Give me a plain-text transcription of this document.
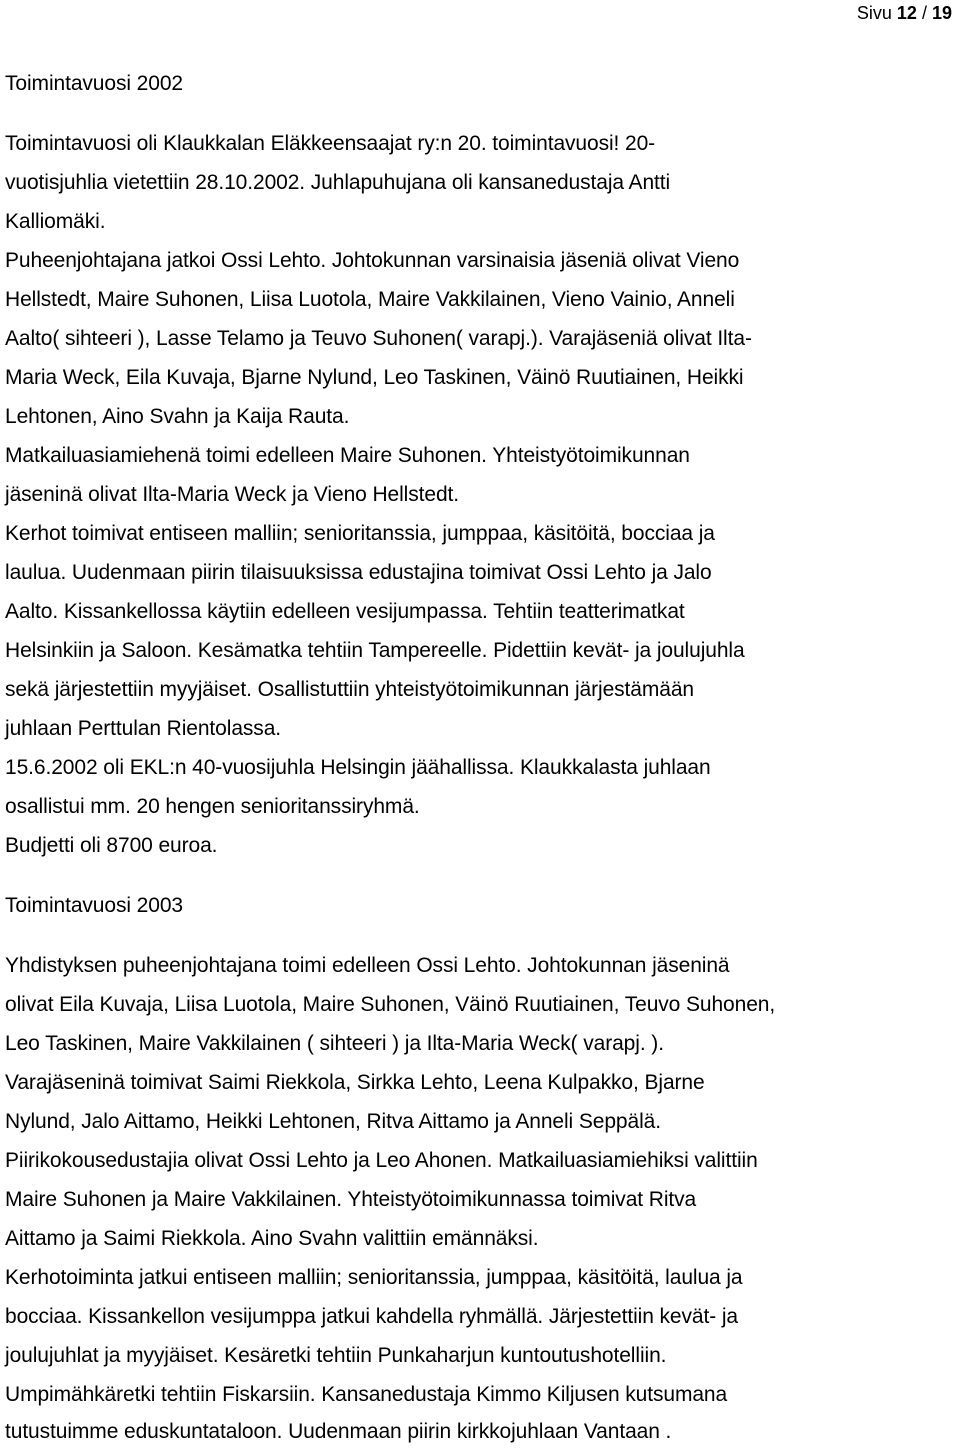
Sivu 12 / 19
Toimintavuosi 2002
Toimintavuosi oli Klaukkalan Eläkkeensaajat ry:n 20. toimintavuosi! 20-
vuotisjuhlia vietettiin 28.10.2002. Juhlapuhujana oli kansanedustaja Antti
Kalliomäki.
Puheenjohtajana jatkoi Ossi Lehto. Johtokunnan varsinaisia jäseniä olivat Vieno
Hellstedt, Maire Suhonen, Liisa Luotola, Maire Vakkilainen, Vieno Vainio, Anneli
Aalto( sihteeri ), Lasse Telamo ja Teuvo Suhonen( varapj.). Varajäseniä olivat Ilta-
Maria Weck, Eila Kuvaja, Bjarne Nylund, Leo Taskinen, Väinö Ruutiainen, Heikki
Lehtonen, Aino Svahn ja Kaija Rauta.
Matkailuasiamiehenä toimi edelleen Maire Suhonen. Yhteistyötoimikunnan
jäseninä olivat Ilta-Maria Weck ja Vieno Hellstedt.
Kerhot toimivat entiseen malliin; senioritanssia, jumppaa, käsitöitä, bocciaa ja
laulua. Uudenmaan piirin tilaisuuksissa edustajina toimivat Ossi Lehto ja Jalo
Aalto. Kissankellossa käytiin edelleen vesijumpassa. Tehtiin teatterimatkat
Helsinkiin ja Saloon. Kesämatka tehtiin Tampereelle. Pidettiin kevät- ja joulujuhla
sekä järjestettiin myyjäiset. Osallistuttiin yhteistyötoimikunnan järjestämään
juhlaan Perttulan Rientolassa.
15.6.2002 oli EKL:n 40-vuosijuhla Helsingin jäähallissa. Klaukkalasta juhlaan
osallistui mm. 20 hengen senioritanssiryhmä.
Budjetti oli 8700 euroa.
Toimintavuosi 2003
Yhdistyksen puheenjohtajana toimi edelleen Ossi Lehto. Johtokunnan jäseninä
olivat Eila Kuvaja, Liisa Luotola, Maire Suhonen, Väinö Ruutiainen, Teuvo Suhonen,
Leo Taskinen, Maire Vakkilainen ( sihteeri ) ja Ilta-Maria Weck( varapj. ).
Varajäseninä toimivat Saimi Riekkola, Sirkka Lehto, Leena Kulpakko, Bjarne
Nylund, Jalo Aittamo, Heikki Lehtonen, Ritva Aittamo ja Anneli Seppälä.
Piirikokousedustajia olivat Ossi Lehto ja Leo Ahonen. Matkailuasiamiehiksi valittiin
Maire Suhonen ja Maire Vakkilainen. Yhteistyötoimikunnassa toimivat Ritva
Aittamo ja Saimi Riekkola. Aino Svahn valittiin emännäksi.
Kerhotoiminta jatkui entiseen malliin; senioritanssia, jumppaa, käsitöitä, laulua ja
bocciaa. Kissankellon vesijumppa jatkui kahdella ryhmällä. Järjestettiin kevät- ja
joulujuhlat ja myyjäiset. Kesäretki tehtiin Punkaharjun kuntoutushotelliin.
Umpimähkäretki tehtiin Fiskarsiin. Kansanedustaja Kimmo Kiljusen kutsumana
tutustuimme eduskuntataloon. Uudenmaan piirin kirkkojuhlaan Vantaan .
